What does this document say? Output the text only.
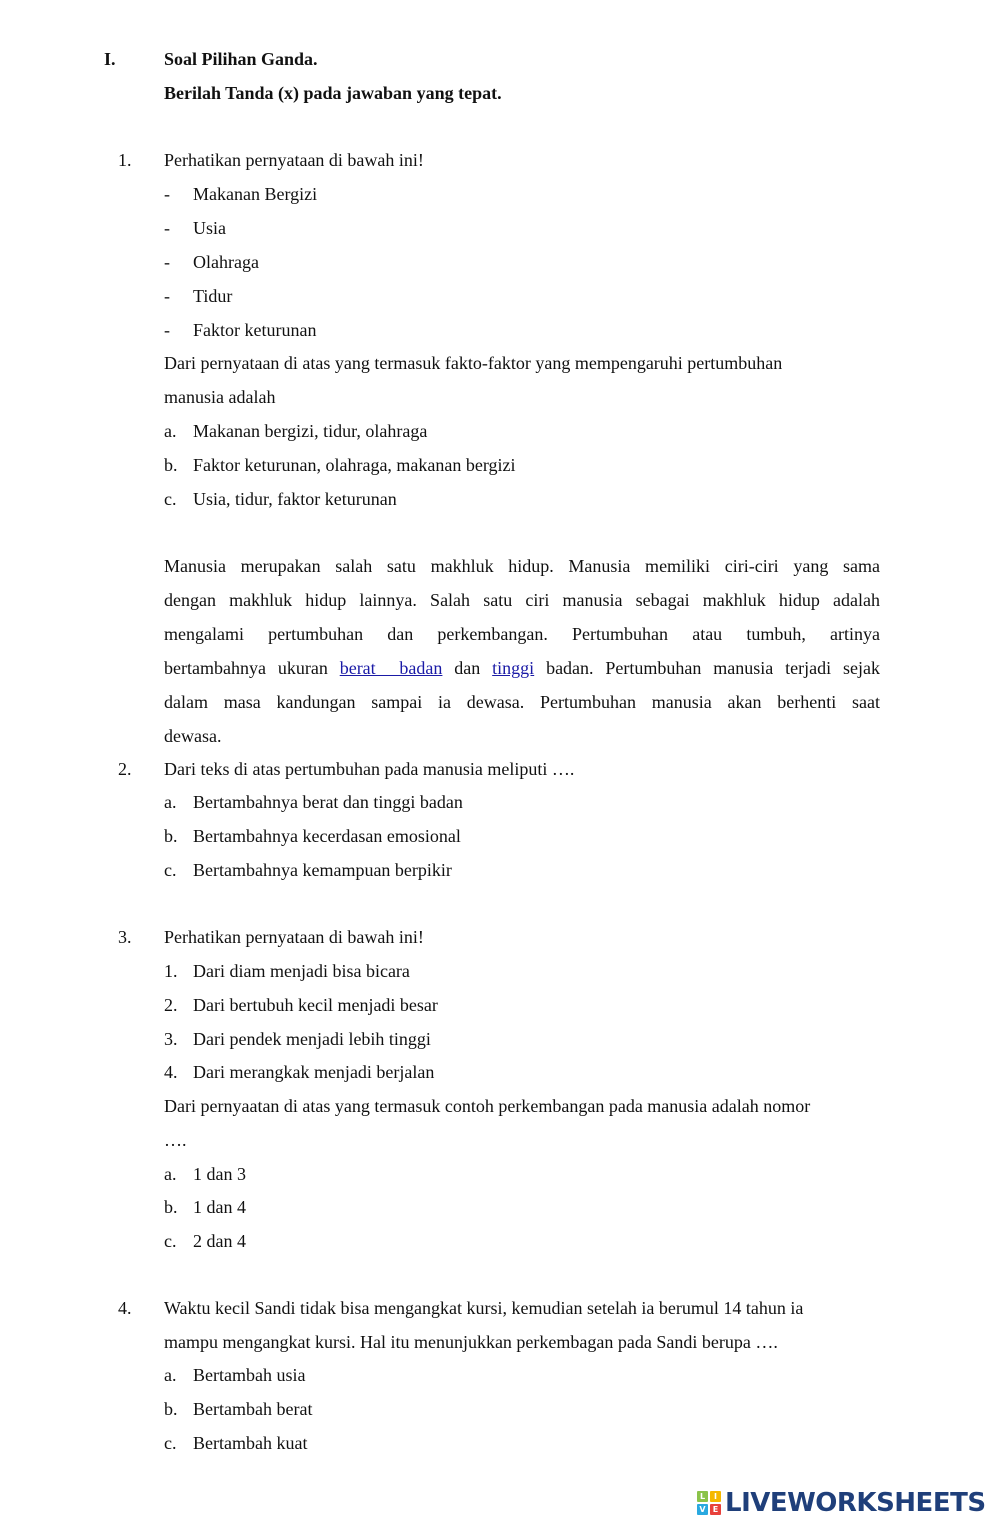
I.	Soal Pilihan Ganda.
Berilah Tanda (x) pada jawaban yang tepat.
1. Perhatikan pernyataan di bawah ini!
- Makanan Bergizi
- Usia
- Olahraga
- Tidur
- Faktor keturunan
Dari pernyataan di atas yang termasuk fakto-faktor yang mempengaruhi pertumbuhan
manusia adalah
a. Makanan bergizi, tidur, olahraga
b. Faktor keturunan, olahraga, makanan bergizi
c. Usia, tidur, faktor keturunan
Manusia merupakan salah satu makhluk hidup. Manusia memiliki ciri-ciri yang sama
dengan makhluk hidup lainnya. Salah satu ciri manusia sebagai makhluk hidup adalah
mengalami pertumbuhan dan perkembangan. Pertumbuhan atau tumbuh, artinya
bertambahnya ukuran berat  badan dan tinggi badan. Pertumbuhan manusia terjadi sejak
dalam masa kandungan sampai ia dewasa. Pertumbuhan manusia akan berhenti saat
dewasa.
2. Dari teks di atas pertumbuhan pada manusia meliputi ….
a. Bertambahnya berat dan tinggi badan
b. Bertambahnya kecerdasan emosional
c. Bertambahnya kemampuan berpikir
3. Perhatikan pernyataan di bawah ini!
1. Dari diam menjadi bisa bicara
2. Dari bertubuh kecil menjadi besar
3. Dari pendek menjadi lebih tinggi
4. Dari merangkak menjadi berjalan
Dari pernyaatan di atas yang termasuk contoh perkembangan pada manusia adalah nomor
….
a. 1 dan 3
b. 1 dan 4
c. 2 dan 4
4. Waktu kecil Sandi tidak bisa mengangkat kursi, kemudian setelah ia berumul 14 tahun ia
mampu mengangkat kursi. Hal itu menunjukkan perkembagan pada Sandi berupa ….
a. Bertambah usia
b. Bertambah berat
c. Bertambah kuat
L	I
V E LIVEWORKSHEETS
